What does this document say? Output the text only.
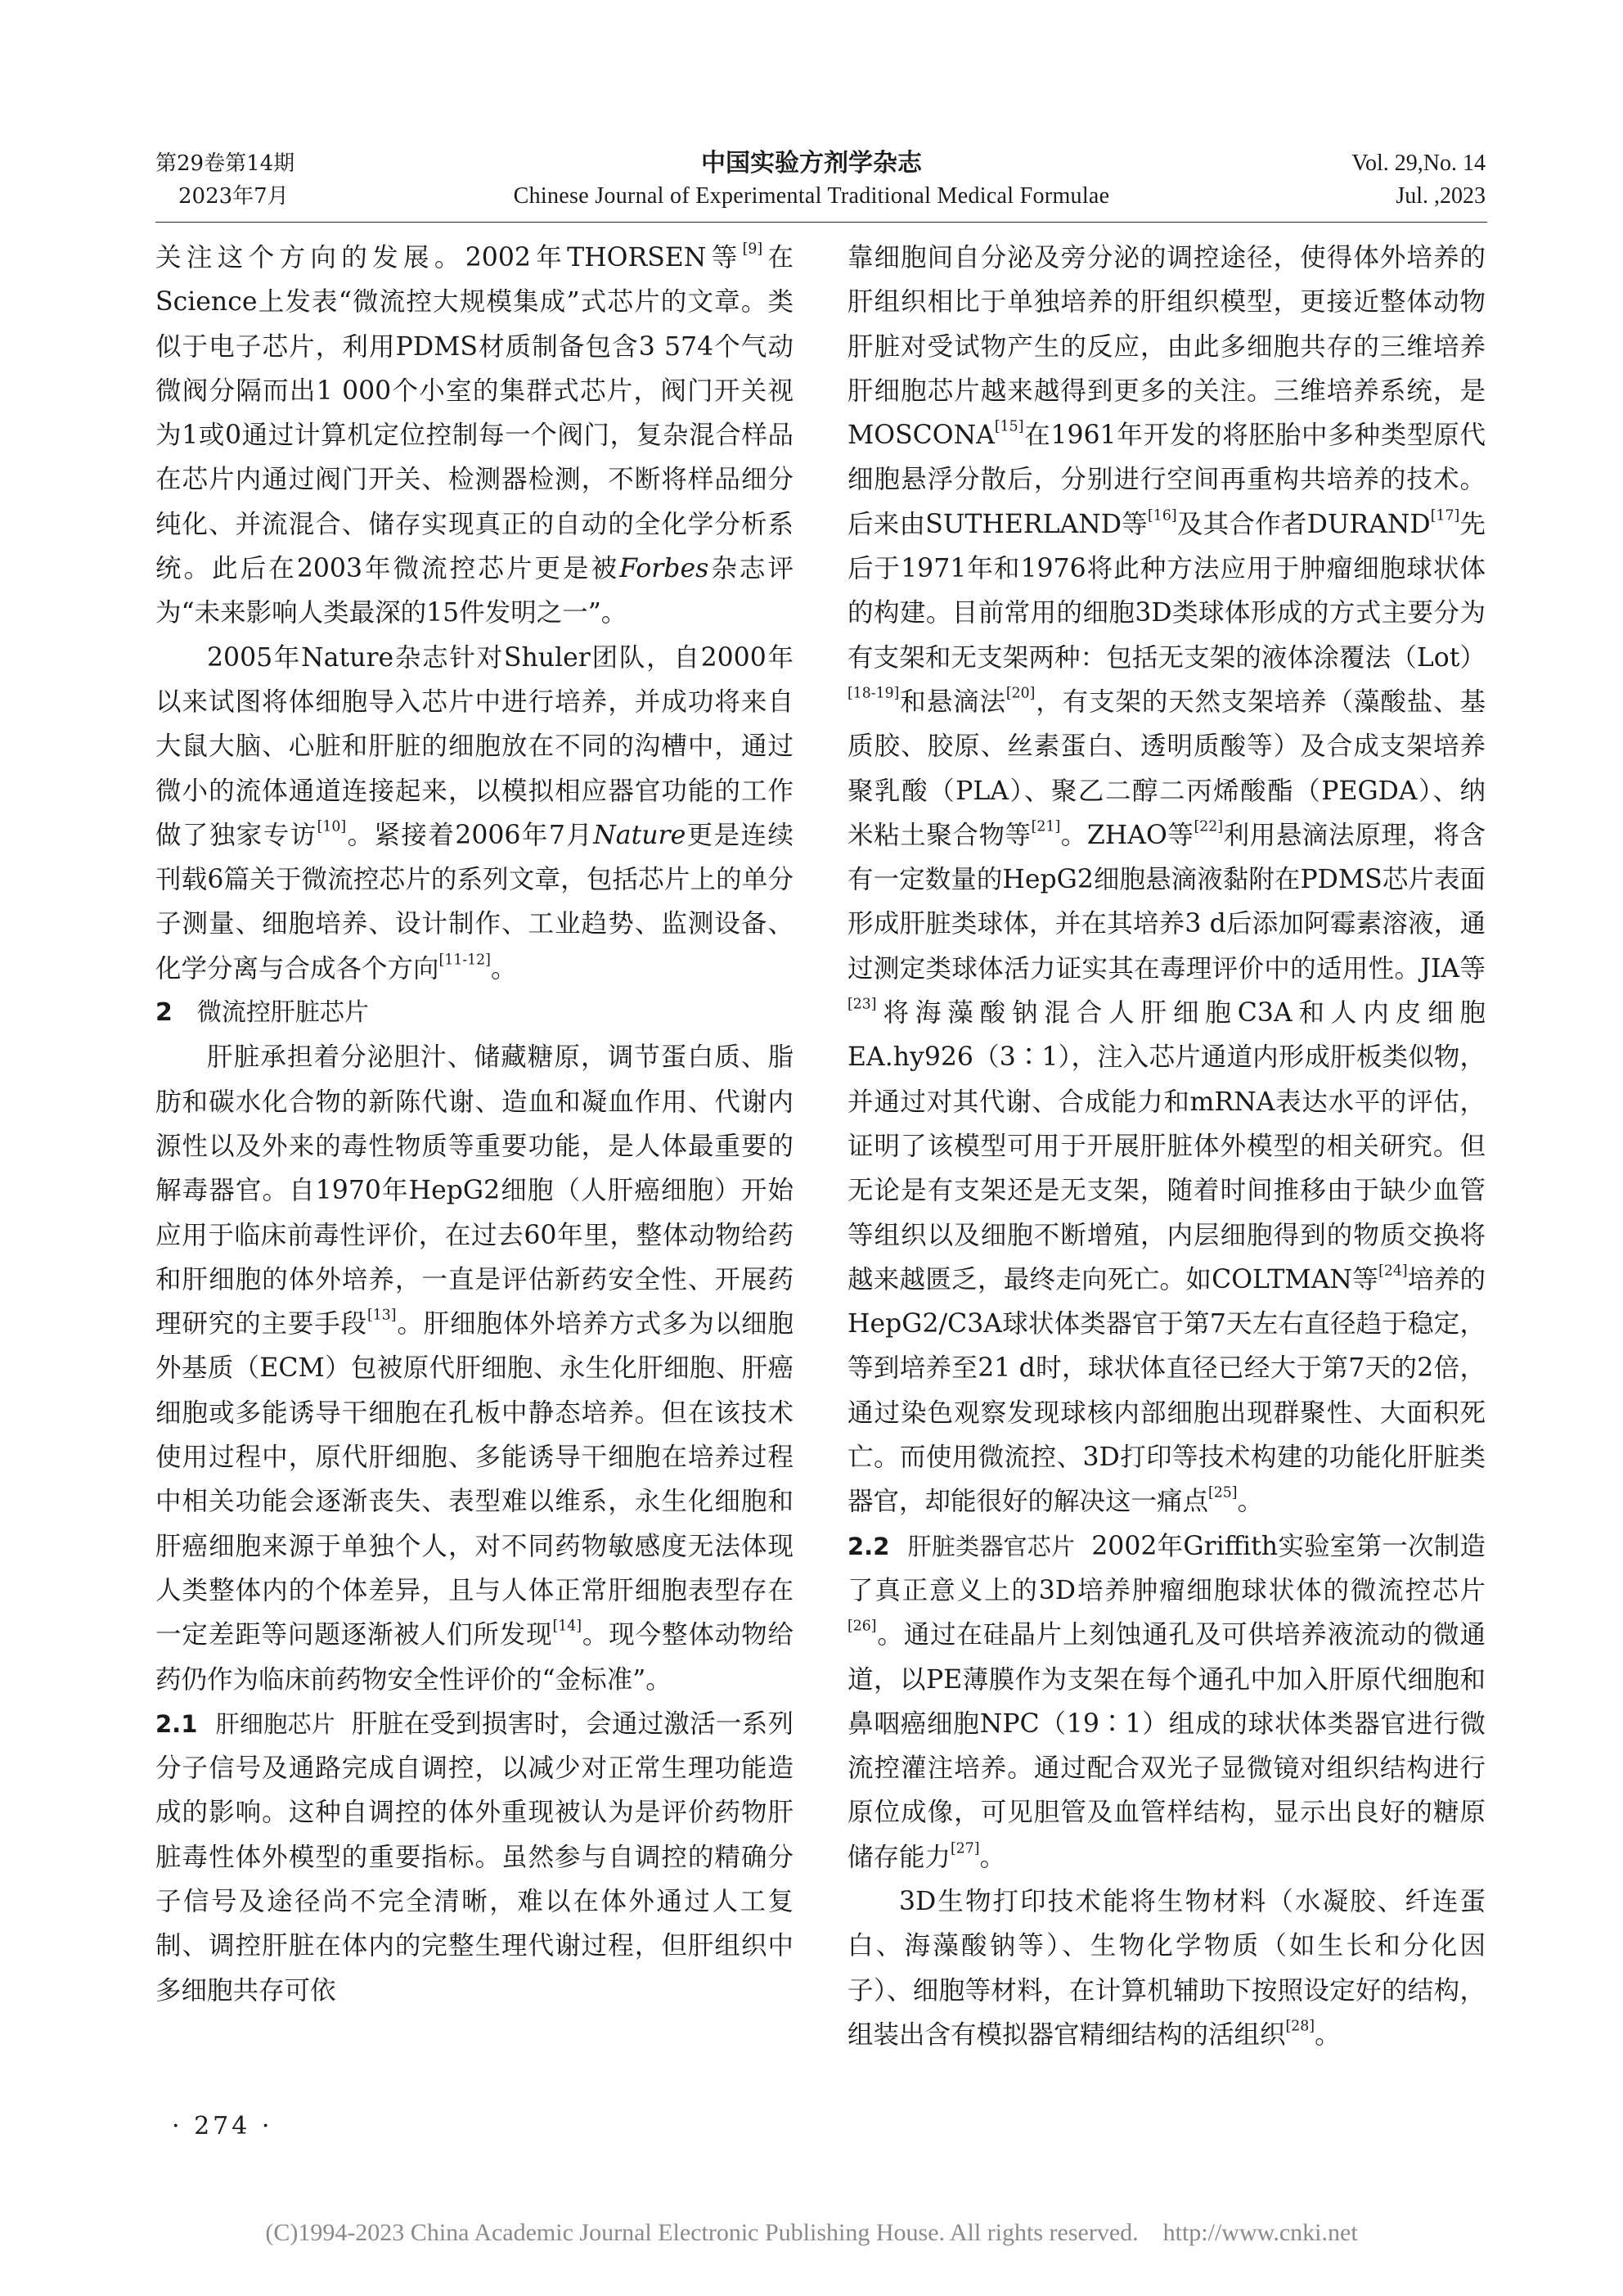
第29卷第14期
2023年7月
中国实验方剂学杂志
Chinese Journal of Experimental Traditional Medical Formulae
Vol. 29,No. 14
Jul. ,2023

关注这个方向的发展。2002年THORSEN等[9]在Science上发表“微流控大规模集成”式芯片的文章。类似于电子芯片，利用PDMS材质制备包含3 574个气动微阀分隔而出1 000个小室的集群式芯片，阀门开关视为1或0通过计算机定位控制每一个阀门，复杂混合样品在芯片内通过阀门开关、检测器检测，不断将样品细分纯化、并流混合、储存实现真正的自动的全化学分析系统。此后在2003年微流控芯片更是被Forbes杂志评为“未来影响人类最深的15件发明之一”。

2005年Nature杂志针对Shuler团队，自2000年以来试图将体细胞导入芯片中进行培养，并成功将来自大鼠大脑、心脏和肝脏的细胞放在不同的沟槽中，通过微小的流体通道连接起来，以模拟相应器官功能的工作做了独家专访[10]。紧接着2006年7月Nature更是连续刊载6篇关于微流控芯片的系列文章，包括芯片上的单分子测量、细胞培养、设计制作、工业趋势、监测设备、化学分离与合成各个方向[11-12]。

2 微流控肝脏芯片

肝脏承担着分泌胆汁、储藏糖原，调节蛋白质、脂肪和碳水化合物的新陈代谢、造血和凝血作用、代谢内源性以及外来的毒性物质等重要功能，是人体最重要的解毒器官。自1970年HepG2细胞（人肝癌细胞）开始应用于临床前毒性评价，在过去60年里，整体动物给药和肝细胞的体外培养，一直是评估新药安全性、开展药理研究的主要手段[13]。肝细胞体外培养方式多为以细胞外基质（ECM）包被原代肝细胞、永生化肝细胞、肝癌细胞或多能诱导干细胞在孔板中静态培养。但在该技术使用过程中，原代肝细胞、多能诱导干细胞在培养过程中相关功能会逐渐丧失、表型难以维系，永生化细胞和肝癌细胞来源于单独个人，对不同药物敏感度无法体现人类整体内的个体差异，且与人体正常肝细胞表型存在一定差距等问题逐渐被人们所发现[14]。现今整体动物给药仍作为临床前药物安全性评价的“金标准”。

2.1 肝细胞芯片 肝脏在受到损害时，会通过激活一系列分子信号及通路完成自调控，以减少对正常生理功能造成的影响。这种自调控的体外重现被认为是评价药物肝脏毒性体外模型的重要指标。虽然参与自调控的精确分子信号及途径尚不完全清晰，难以在体外通过人工复制、调控肝脏在体内的完整生理代谢过程，但肝组织中多细胞共存可依

靠细胞间自分泌及旁分泌的调控途径，使得体外培养的肝组织相比于单独培养的肝组织模型，更接近整体动物肝脏对受试物产生的反应，由此多细胞共存的三维培养肝细胞芯片越来越得到更多的关注。三维培养系统，是MOSCONA[15]在1961年开发的将胚胎中多种类型原代细胞悬浮分散后，分别进行空间再重构共培养的技术。后来由SUTHERLAND等[16]及其合作者DURAND[17]先后于1971年和1976将此种方法应用于肿瘤细胞球状体的构建。目前常用的细胞3D类球体形成的方式主要分为有支架和无支架两种：包括无支架的液体涂覆法（Lot）[18-19]和悬滴法[20]，有支架的天然支架培养（藻酸盐、基质胶、胶原、丝素蛋白、透明质酸等）及合成支架培养聚乳酸（PLA）、聚乙二醇二丙烯酸酯（PEGDA）、纳米粘土聚合物等[21]。ZHAO等[22]利用悬滴法原理，将含有一定数量的HepG2细胞悬滴液黏附在PDMS芯片表面形成肝脏类球体，并在其培养3 d后添加阿霉素溶液，通过测定类球体活力证实其在毒理评价中的适用性。JIA等[23]将海藻酸钠混合人肝细胞C3A和人内皮细胞EA.hy926（3∶1），注入芯片通道内形成肝板类似物，并通过对其代谢、合成能力和mRNA表达水平的评估，证明了该模型可用于开展肝脏体外模型的相关研究。但无论是有支架还是无支架，随着时间推移由于缺少血管等组织以及细胞不断增殖，内层细胞得到的物质交换将越来越匮乏，最终走向死亡。如COLTMAN等[24]培养的HepG2/C3A球状体类器官于第7天左右直径趋于稳定，等到培养至21 d时，球状体直径已经大于第7天的2倍，通过染色观察发现球核内部细胞出现群聚性、大面积死亡。而使用微流控、3D打印等技术构建的功能化肝脏类器官，却能很好的解决这一痛点[25]。

2.2 肝脏类器官芯片 2002年Griffith实验室第一次制造了真正意义上的3D培养肿瘤细胞球状体的微流控芯片[26]。通过在硅晶片上刻蚀通孔及可供培养液流动的微通道，以PE薄膜作为支架在每个通孔中加入肝原代细胞和鼻咽癌细胞NPC（19∶1）组成的球状体类器官进行微流控灌注培养。通过配合双光子显微镜对组织结构进行原位成像，可见胆管及血管样结构，显示出良好的糖原储存能力[27]。

3D生物打印技术能将生物材料（水凝胶、纤连蛋白、海藻酸钠等）、生物化学物质（如生长和分化因子）、细胞等材料，在计算机辅助下按照设定好的结构，组装出含有模拟器官精细结构的活组织[28]。

· 274 ·
(C)1994-2023 China Academic Journal Electronic Publishing House. All rights reserved.    http://www.cnki.net
